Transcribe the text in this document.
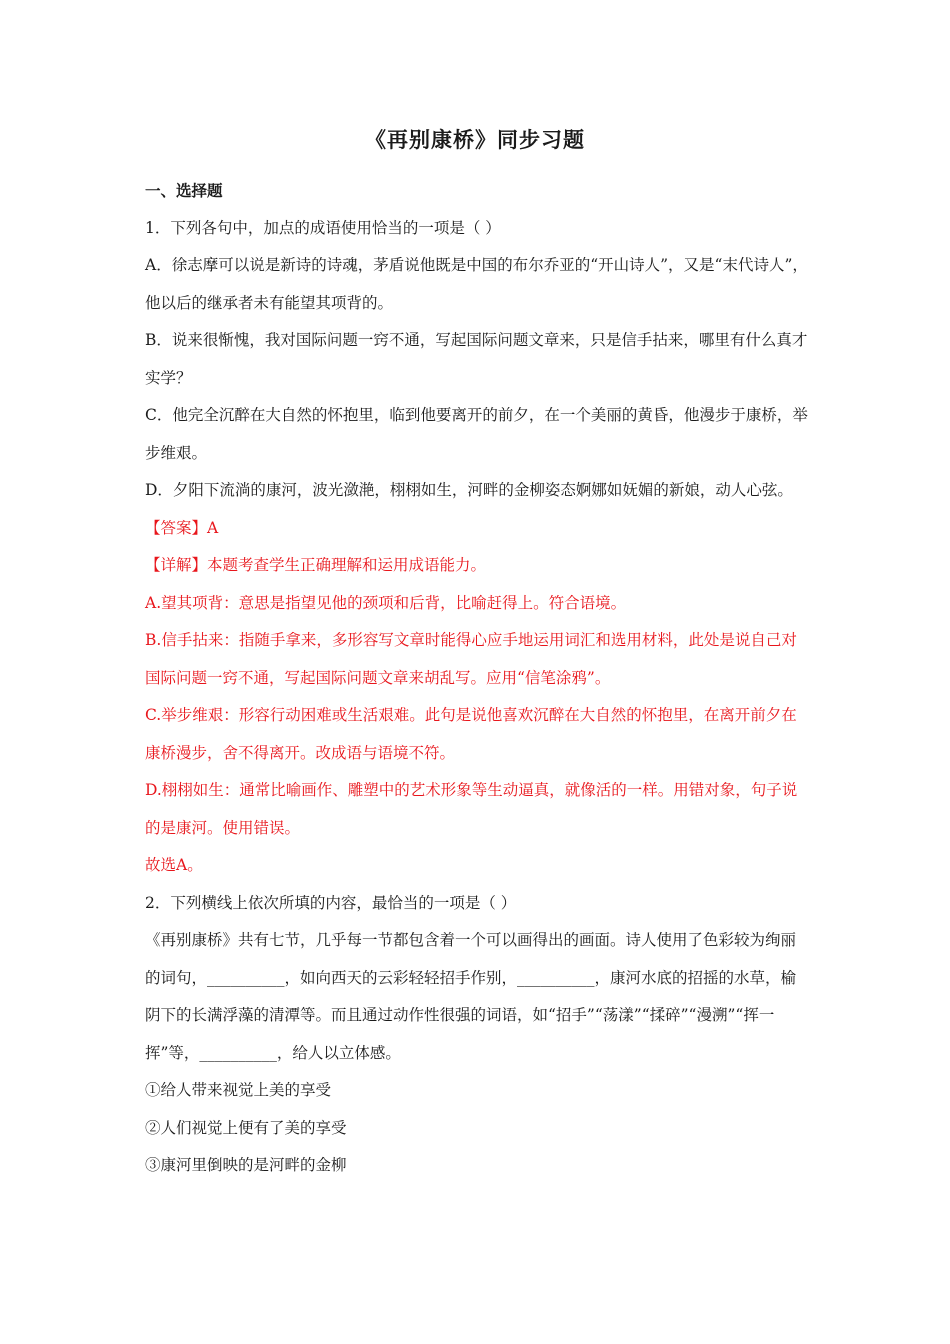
《再别康桥》同步习题

一、选择题

1．下列各句中，加点的成语使用恰当的一项是（ ）

A．徐志摩可以说是新诗的诗魂，茅盾说他既是中国的布尔乔亚的“开山诗人”，又是“末代诗人”，他以后的继承者未有能望其项背的。

B．说来很惭愧，我对国际问题一窍不通，写起国际问题文章来，只是信手拈来，哪里有什么真才实学？

C．他完全沉醉在大自然的怀抱里，临到他要离开的前夕，在一个美丽的黄昏，他漫步于康桥，举步维艰。

D．夕阳下流淌的康河，波光潋滟，栩栩如生，河畔的金柳姿态婀娜如妩媚的新娘，动人心弦。

【答案】A

【详解】本题考查学生正确理解和运用成语能力。

A.望其项背：意思是指望见他的颈项和后背，比喻赶得上。符合语境。

B.信手拈来：指随手拿来，多形容写文章时能得心应手地运用词汇和选用材料，此处是说自己对国际问题一窍不通，写起国际问题文章来胡乱写。应用“信笔涂鸦”。

C.举步维艰：形容行动困难或生活艰难。此句是说他喜欢沉醉在大自然的怀抱里，在离开前夕在康桥漫步，舍不得离开。改成语与语境不符。

D.栩栩如生：通常比喻画作、雕塑中的艺术形象等生动逼真，就像活的一样。用错对象，句子说的是康河。使用错误。

故选A。

2．下列横线上依次所填的内容，最恰当的一项是（ ）

《再别康桥》共有七节，几乎每一节都包含着一个可以画得出的画面。诗人使用了色彩较为绚丽的词句，__________，如向西天的云彩轻轻招手作别，__________，康河水底的招摇的水草，榆阴下的长满浮藻的清潭等。而且通过动作性很强的词语，如“招手”“荡漾”“揉碎”“漫溯”“挥一挥”等，__________，给人以立体感。

①给人带来视觉上美的享受

②人们视觉上便有了美的享受

③康河里倒映的是河畔的金柳
